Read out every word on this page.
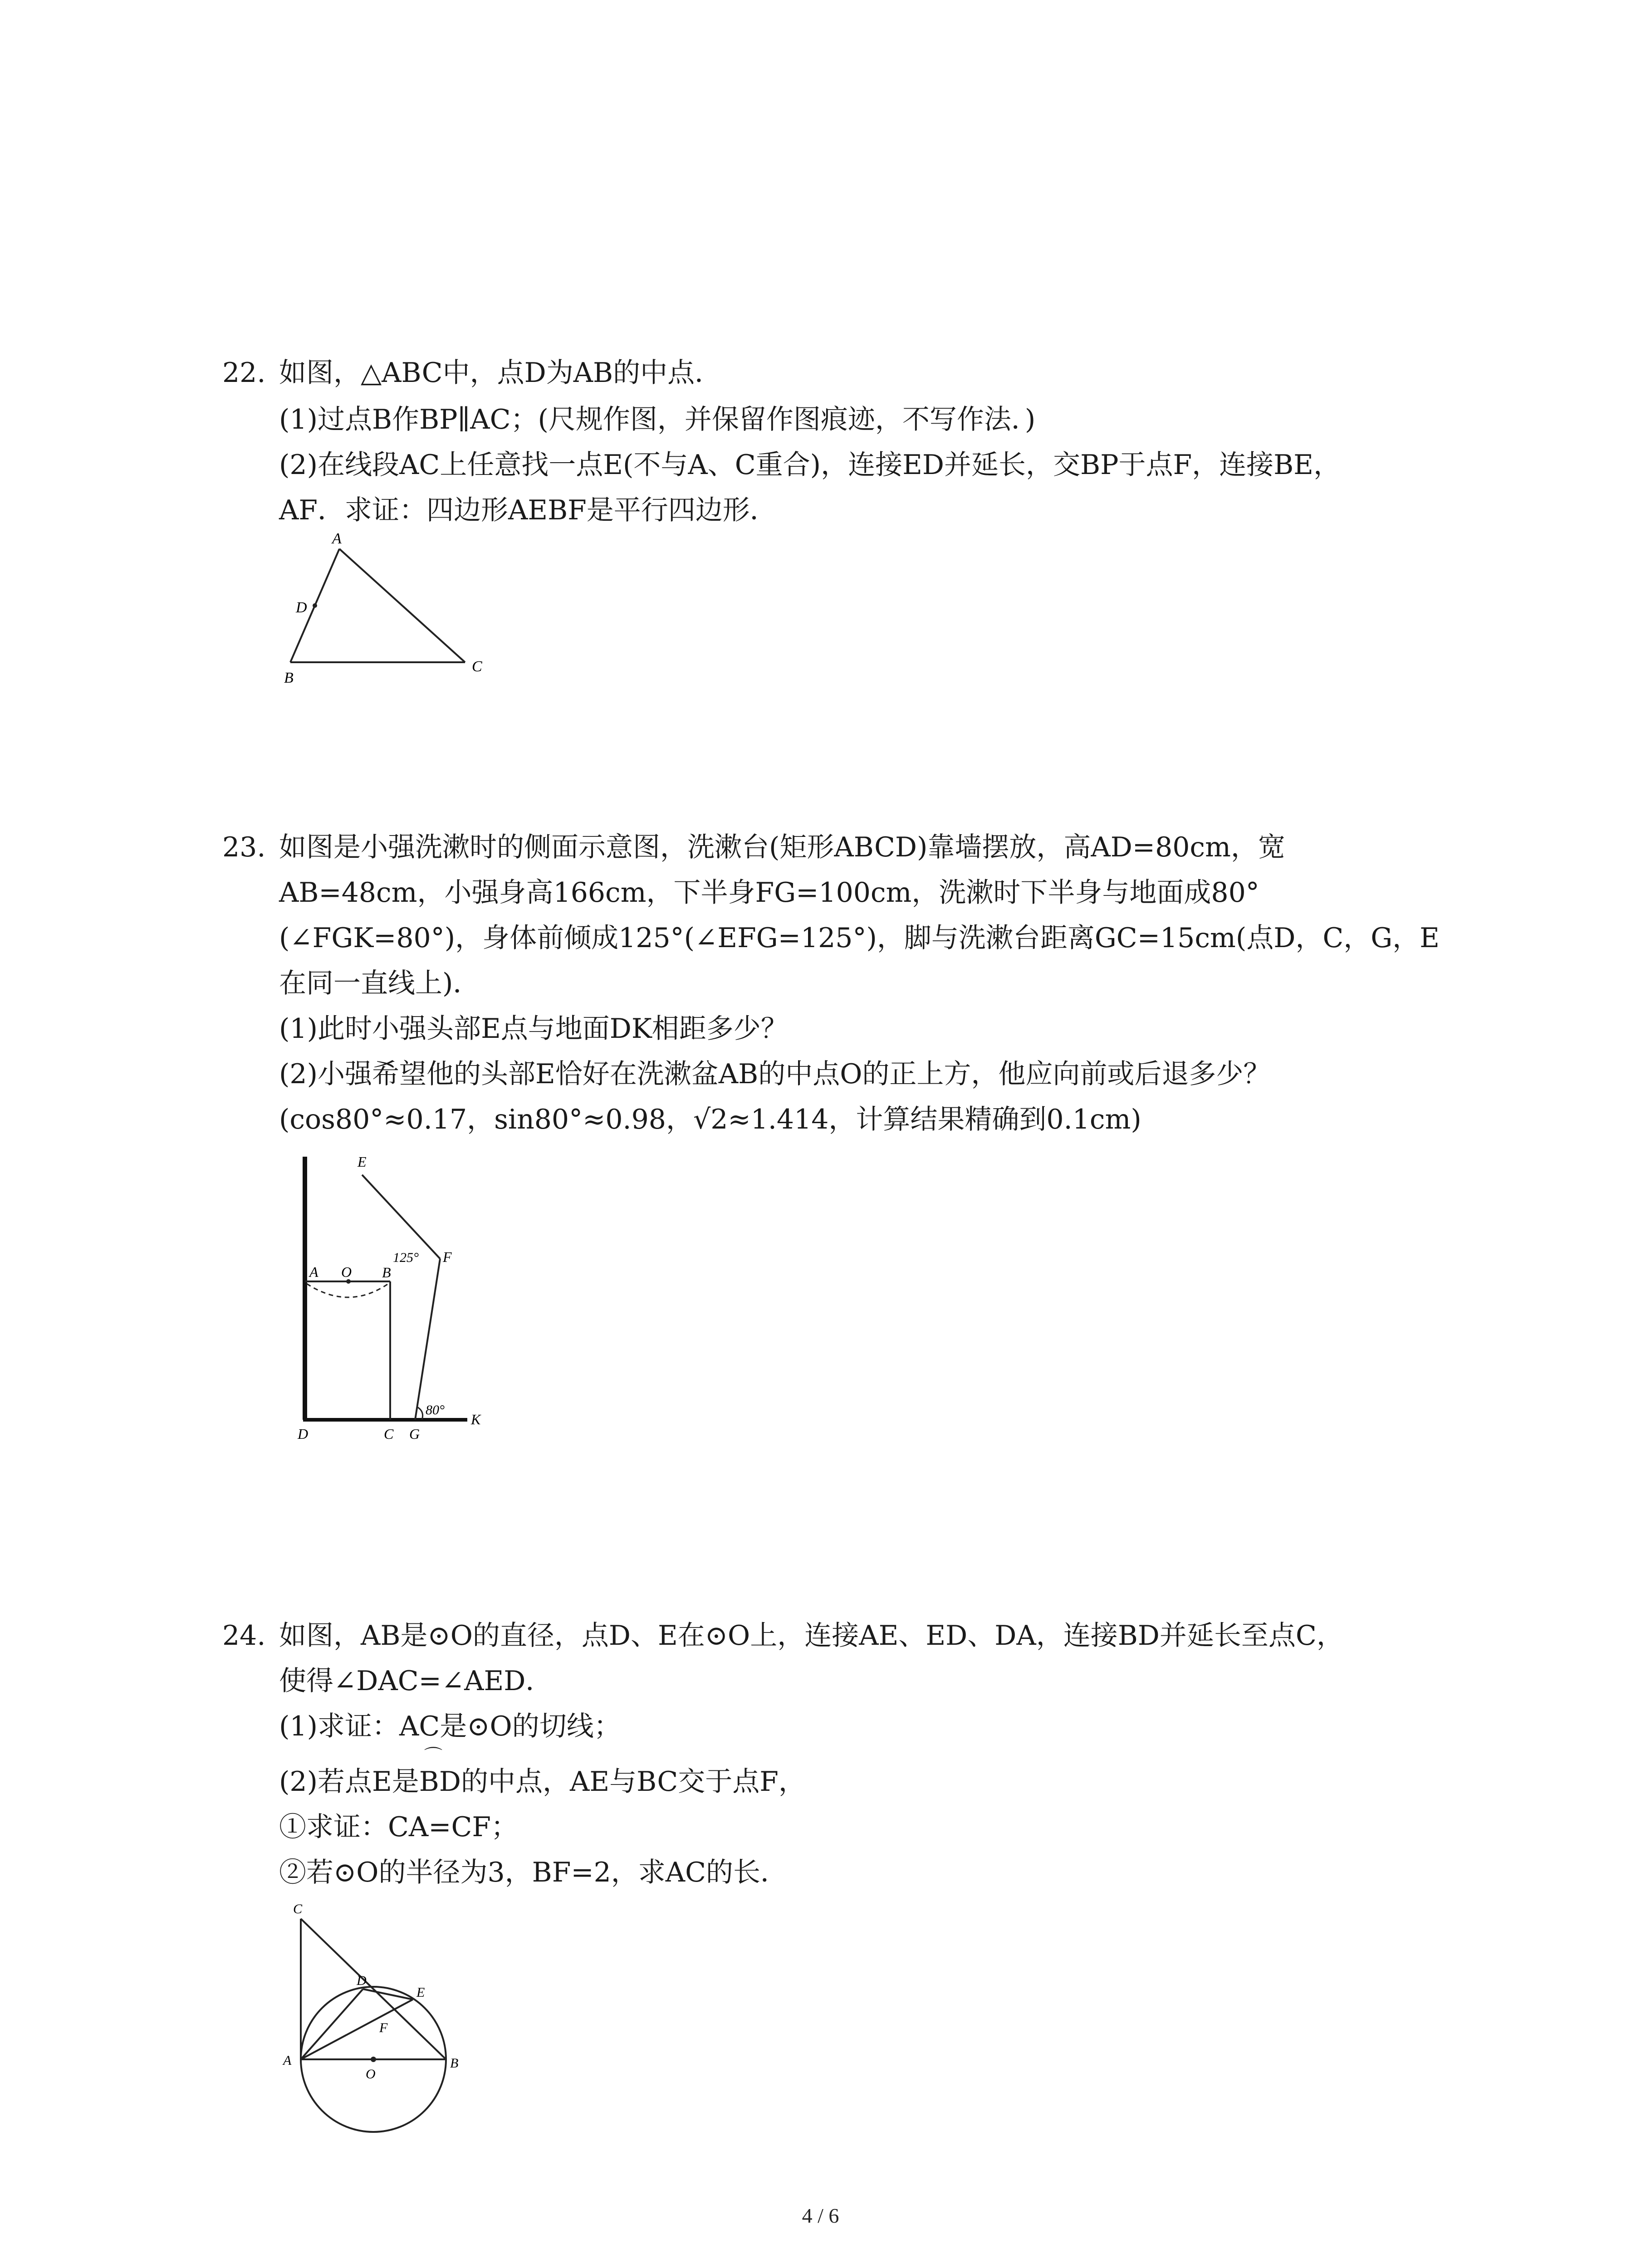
22. 如图，△ABC中，点D为AB的中点．
(1)过点B作BP∥AC；(尺规作图，并保留作图痕迹，不写作法．)
(2)在线段AC上任意找一点E(不与A、C重合)，连接ED并延长，交BP于点F，连接BE，
AF．求证：四边形AEBF是平行四边形．
A
D
B
C
23. 如图是小强洗漱时的侧面示意图，洗漱台(矩形ABCD)靠墙摆放，高AD=80cm，宽
AB=48cm，小强身高166cm，下半身FG=100cm，洗漱时下半身与地面成80°
(∠FGK=80°)，身体前倾成125°(∠EFG=125°)，脚与洗漱台距离GC=15cm(点D，C，G，E
在同一直线上)．
(1)此时小强头部E点与地面DK相距多少？
(2)小强希望他的头部E恰好在洗漱盆AB的中点O的正上方，他应向前或后退多少？
(cos80°≈0.17，sin80°≈0.98，√2≈1.414，计算结果精确到0.1cm)
E
F
A O B
125°
80°
D	C G
K
24. 如图，AB是⊙O的直径，点D、E在⊙O上，连接AE、ED、DA，连接BD并延长至点C，
使得∠DAC=∠AED．
(1)求证：AC是⊙O的切线；
⌒
(2)若点E是BD的中点，AE与BC交于点F，
①求证：CA=CF；
②若⊙O的半径为3，BF=2，求AC的长．
C
D
E
F
A
O
B
4 / 6
